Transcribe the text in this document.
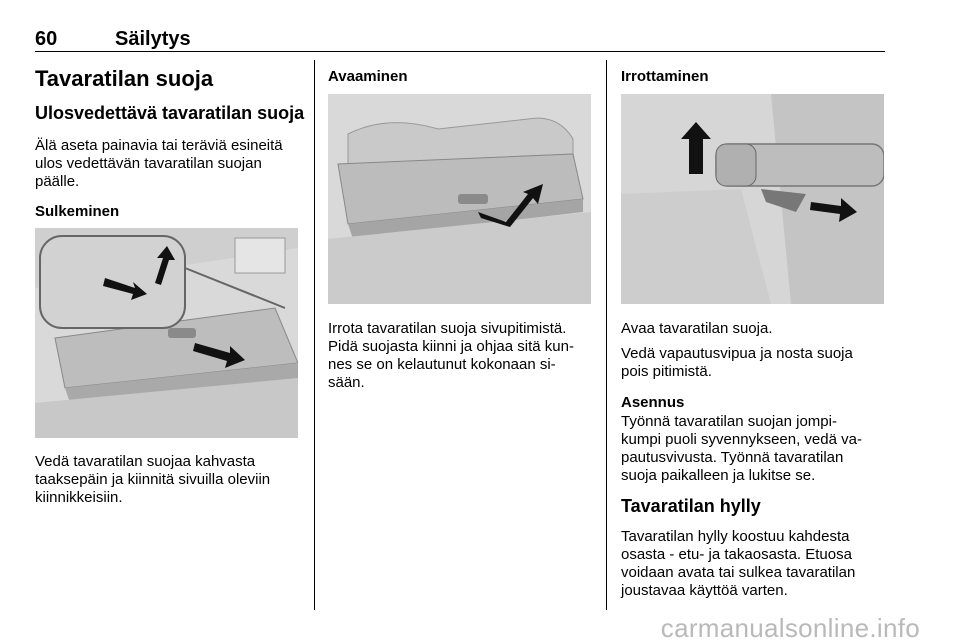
60	Säilytys
Tavaratilan suoja
Ulosvedettävä tavaratilan suoja
Älä aseta painavia tai teräviä esineitä
ulos vedettävän tavaratilan suojan
päälle.
Sulkeminen
Vedä tavaratilan suojaa kahvasta
taaksepäin ja kiinnitä sivuilla oleviin
kiinnikkeisiin.
Avaaminen
Irrota tavaratilan suoja sivupitimistä.
Pidä suojasta kiinni ja ohjaa sitä kun-
nes se on kelautunut kokonaan si-
sään.
Irrottaminen
Avaa tavaratilan suoja.
Vedä vapautusvipua ja nosta suoja
pois pitimistä.
Asennus
Työnnä tavaratilan suojan jompi-
kumpi puoli syvennykseen, vedä va-
pautusvivusta. Työnnä tavaratilan
suoja paikalleen ja lukitse se.
Tavaratilan hylly
Tavaratilan hylly koostuu kahdesta
osasta - etu- ja takaosasta. Etuosa
voidaan avata tai sulkea tavaratilan
joustavaa käyttöä varten.
carmanualsonline.info
